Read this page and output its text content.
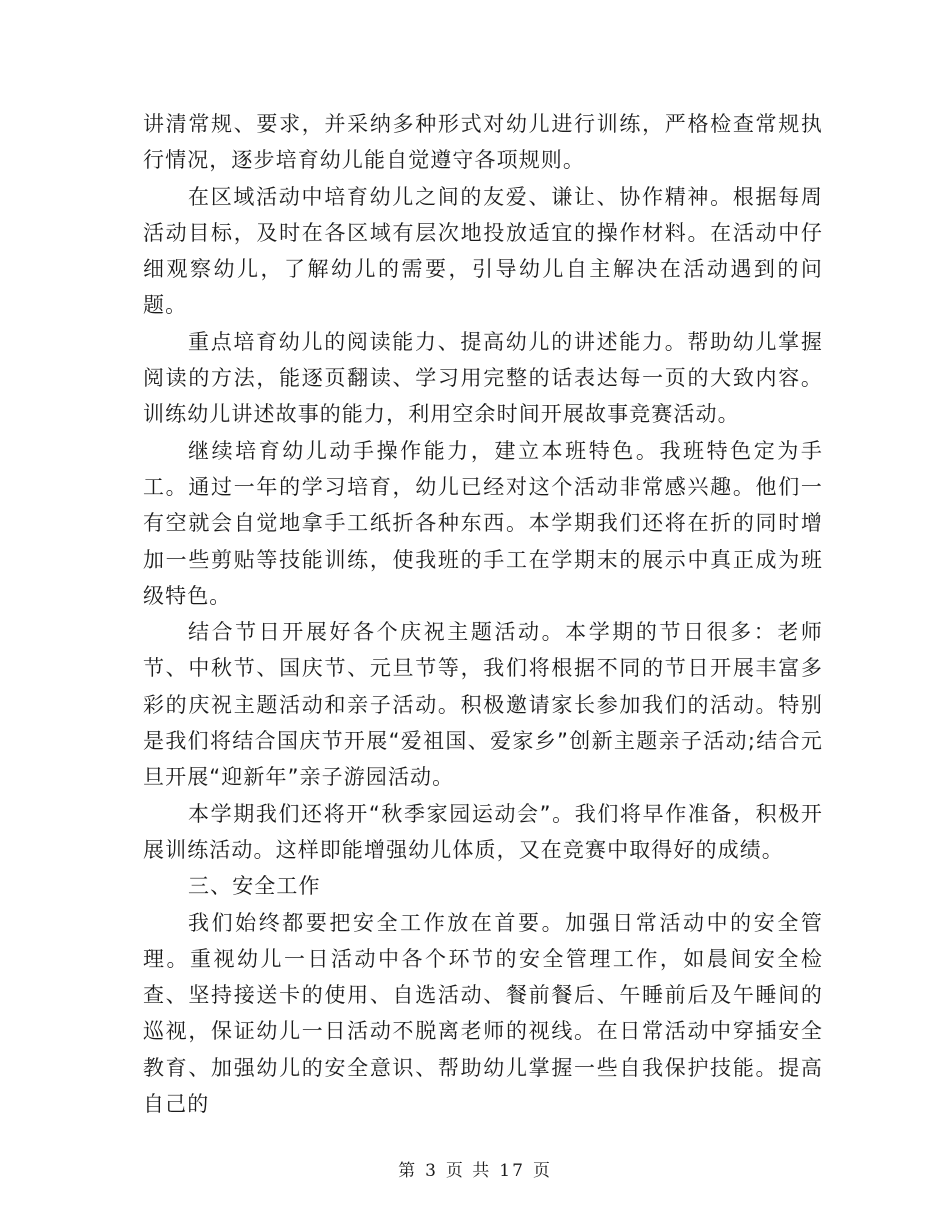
讲清常规、要求，并采纳多种形式对幼儿进行训练，严格检查常规执行情况，逐步培育幼儿能自觉遵守各项规则。

在区域活动中培育幼儿之间的友爱、谦让、协作精神。根据每周活动目标，及时在各区域有层次地投放适宜的操作材料。在活动中仔细观察幼儿，了解幼儿的需要，引导幼儿自主解决在活动遇到的问题。

重点培育幼儿的阅读能力、提高幼儿的讲述能力。帮助幼儿掌握阅读的方法，能逐页翻读、学习用完整的话表达每一页的大致内容。训练幼儿讲述故事的能力，利用空余时间开展故事竞赛活动。

继续培育幼儿动手操作能力，建立本班特色。我班特色定为手工。通过一年的学习培育，幼儿已经对这个活动非常感兴趣。他们一有空就会自觉地拿手工纸折各种东西。本学期我们还将在折的同时增加一些剪贴等技能训练，使我班的手工在学期末的展示中真正成为班级特色。

结合节日开展好各个庆祝主题活动。本学期的节日很多：老师节、中秋节、国庆节、元旦节等，我们将根据不同的节日开展丰富多彩的庆祝主题活动和亲子活动。积极邀请家长参加我们的活动。特别是我们将结合国庆节开展“爱祖国、爱家乡”创新主题亲子活动;结合元旦开展“迎新年”亲子游园活动。

本学期我们还将开“秋季家园运动会”。我们将早作准备，积极开展训练活动。这样即能增强幼儿体质，又在竞赛中取得好的成绩。

三、安全工作

我们始终都要把安全工作放在首要。加强日常活动中的安全管理。重视幼儿一日活动中各个环节的安全管理工作，如晨间安全检查、坚持接送卡的使用、自选活动、餐前餐后、午睡前后及午睡间的巡视，保证幼儿一日活动不脱离老师的视线。在日常活动中穿插安全教育、加强幼儿的安全意识、帮助幼儿掌握一些自我保护技能。提高自己的

第 3 页 共 17 页
